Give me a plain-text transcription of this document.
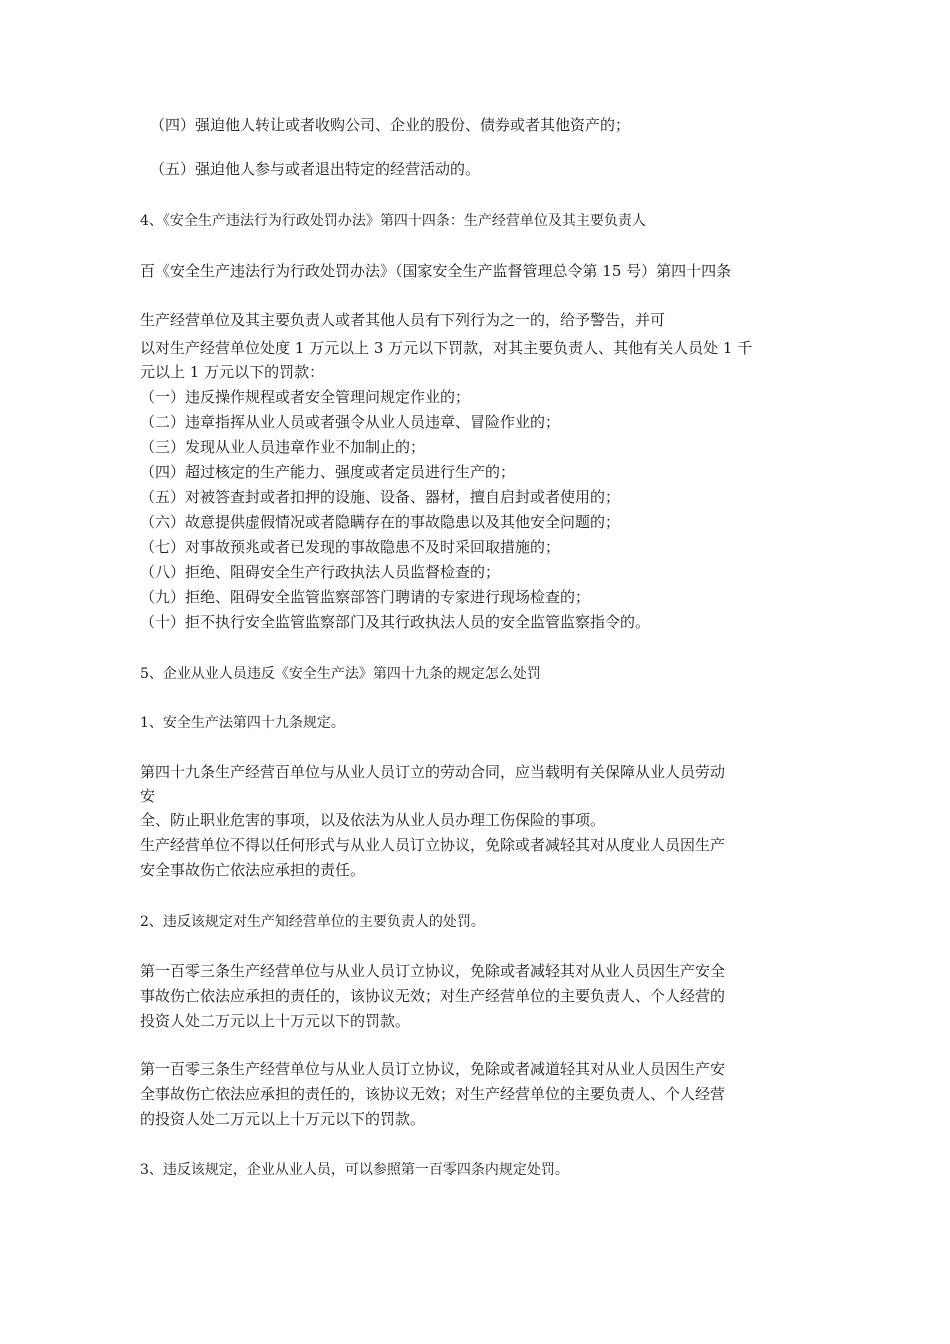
（四）强迫他人转让或者收购公司、企业的股份、债券或者其他资产的；
（五）强迫他人参与或者退出特定的经营活动的。
4、《安全生产违法行为行政处罚办法》第四十四条：生产经营单位及其主要负责人
百《安全生产违法行为行政处罚办法》（国家安全生产监督管理总令第 15 号）第四十四条
生产经营单位及其主要负责人或者其他人员有下列行为之一的，给予警告，并可
以对生产经营单位处度 1 万元以上 3 万元以下罚款，对其主要负责人、其他有关人员处 1 千
元以上 1 万元以下的罚款：
（一）违反操作规程或者安全管理问规定作业的；
（二）违章指挥从业人员或者强令从业人员违章、冒险作业的；
（三）发现从业人员违章作业不加制止的；
（四）超过核定的生产能力、强度或者定员进行生产的；
（五）对被答查封或者扣押的设施、设备、器材，擅自启封或者使用的；
（六）故意提供虚假情况或者隐瞒存在的事故隐患以及其他安全问题的；
（七）对事故预兆或者已发现的事故隐患不及时采回取措施的；
（八）拒绝、阻碍安全生产行政执法人员监督检查的；
（九）拒绝、阻碍安全监管监察部答门聘请的专家进行现场检查的；
（十）拒不执行安全监管监察部门及其行政执法人员的安全监管监察指令的。
5、企业从业人员违反《安全生产法》第四十九条的规定怎么处罚
1、安全生产法第四十九条规定。
第四十九条生产经营百单位与从业人员订立的劳动合同，应当载明有关保障从业人员劳动
安
全、防止职业危害的事项，以及依法为从业人员办理工伤保险的事项。
生产经营单位不得以任何形式与从业人员订立协议，免除或者减轻其对从度业人员因生产
安全事故伤亡依法应承担的责任。
2、违反该规定对生产知经营单位的主要负责人的处罚。
第一百零三条生产经营单位与从业人员订立协议，免除或者减轻其对从业人员因生产安全
事故伤亡依法应承担的责任的，该协议无效；对生产经营单位的主要负责人、个人经营的
投资人处二万元以上十万元以下的罚款。
第一百零三条生产经营单位与从业人员订立协议，免除或者减道轻其对从业人员因生产安
全事故伤亡依法应承担的责任的，该协议无效；对生产经营单位的主要负责人、个人经营
的投资人处二万元以上十万元以下的罚款。
3、违反该规定，企业从业人员，可以参照第一百零四条内规定处罚。
